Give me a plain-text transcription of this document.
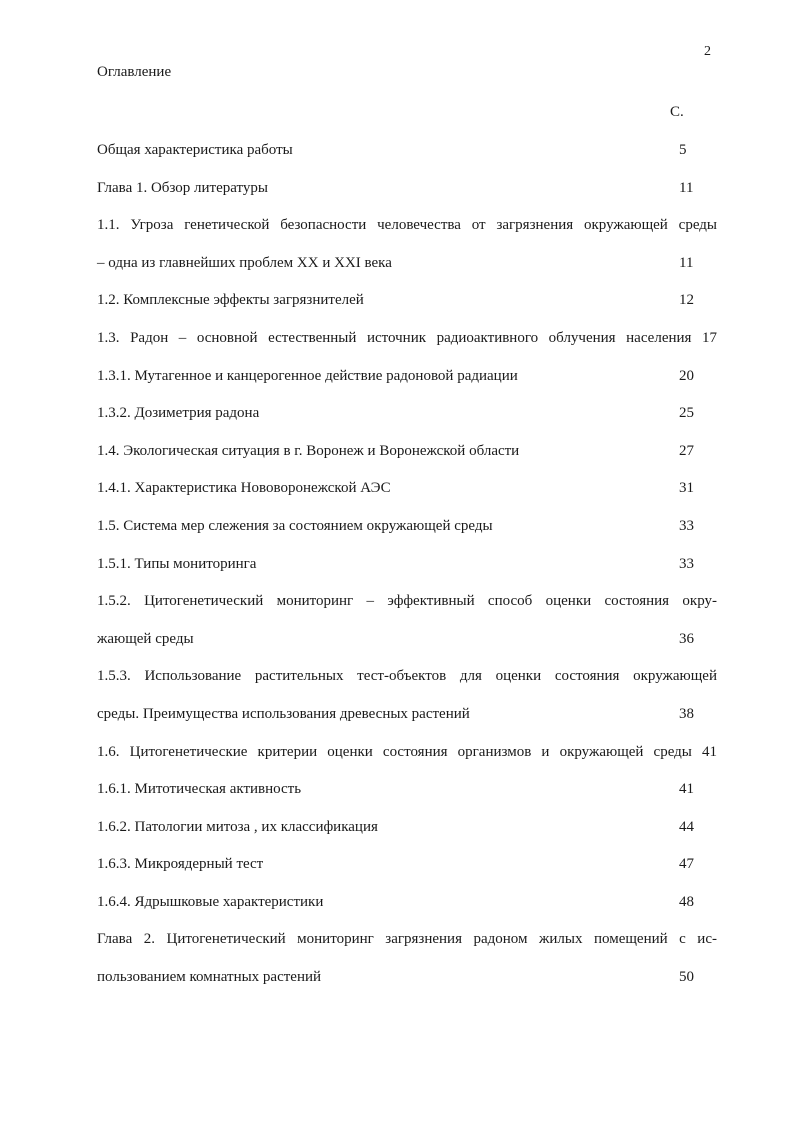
2
Оглавление
С.
Общая характеристика работы	5
Глава 1. Обзор литературы	11
1.1. Угроза генетической безопасности человечества от загрязнения окружающей среды
– одна из главнейших проблем XX и XXI века	11
1.2. Комплексные эффекты загрязнителей	12
1.3. Радон – основной естественный источник радиоактивного облучения населения 17
1.3.1. Мутагенное и канцерогенное действие радоновой радиации	20
1.3.2. Дозиметрия радона	25
1.4. Экологическая ситуация в г. Воронеж и Воронежской области	27
1.4.1. Характеристика Нововоронежской АЭС	31
1.5. Система мер слежения за состоянием окружающей среды	33
1.5.1. Типы мониторинга	33
1.5.2. Цитогенетический мониторинг – эффективный способ оценки состояния окру-
жающей среды	36
1.5.3. Использование растительных тест-объектов для оценки состояния окружающей
среды. Преимущества использования древесных растений	38
1.6. Цитогенетические критерии оценки состояния организмов и окружающей среды 41
1.6.1. Митотическая активность	41
1.6.2. Патологии митоза , их классификация	44
1.6.3. Микроядерный тест	47
1.6.4. Ядрышковые характеристики	48
Глава 2. Цитогенетический мониторинг загрязнения радоном жилых помещений с ис-
пользованием комнатных растений	50
